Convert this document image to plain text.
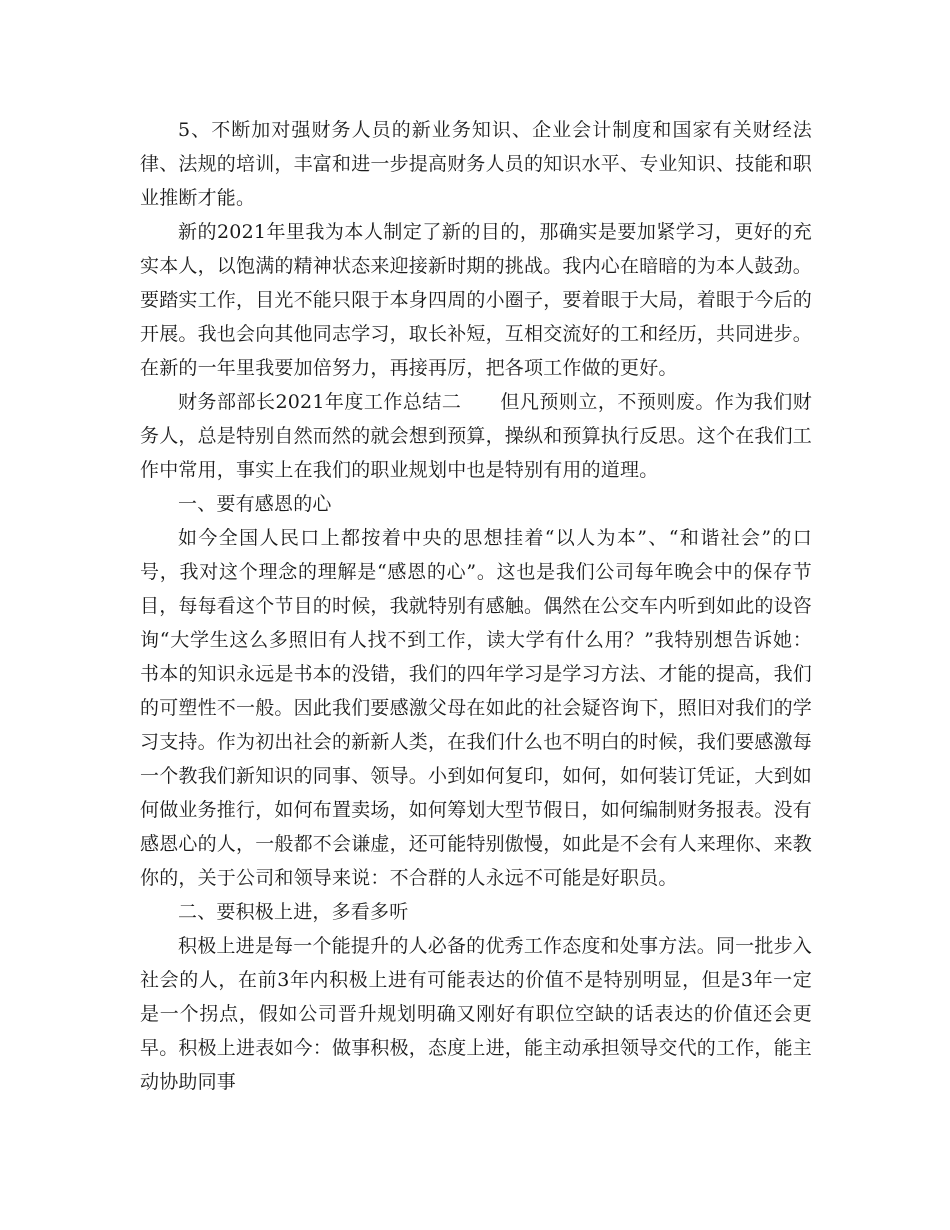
5、不断加对强财务人员的新业务知识、企业会计制度和国家有关财经法律、法规的培训，丰富和进一步提高财务人员的知识水平、专业知识、技能和职业推断才能。

新的2021年里我为本人制定了新的目的，那确实是要加紧学习，更好的充实本人，以饱满的精神状态来迎接新时期的挑战。我内心在暗暗的为本人鼓劲。要踏实工作，目光不能只限于本身四周的小圈子，要着眼于大局，着眼于今后的开展。我也会向其他同志学习，取长补短，互相交流好的工和经历，共同进步。在新的一年里我要加倍努力，再接再厉，把各项工作做的更好。

财务部部长2021年度工作总结二　　但凡预则立，不预则废。作为我们财务人，总是特别自然而然的就会想到预算，操纵和预算执行反思。这个在我们工作中常用，事实上在我们的职业规划中也是特别有用的道理。

一、要有感恩的心

如今全国人民口上都按着中央的思想挂着“以人为本”、“和谐社会”的口号，我对这个理念的理解是“感恩的心”。这也是我们公司每年晚会中的保存节目，每每看这个节目的时候，我就特别有感触。偶然在公交车内听到如此的设咨询“大学生这么多照旧有人找不到工作，读大学有什么用？”我特别想告诉她：书本的知识永远是书本的没错，我们的四年学习是学习方法、才能的提高，我们的可塑性不一般。因此我们要感激父母在如此的社会疑咨询下，照旧对我们的学习支持。作为初出社会的新新人类，在我们什么也不明白的时候，我们要感激每一个教我们新知识的同事、领导。小到如何复印，如何，如何装订凭证，大到如何做业务推行，如何布置卖场，如何筹划大型节假日，如何编制财务报表。没有感恩心的人，一般都不会谦虚，还可能特别傲慢，如此是不会有人来理你、来教你的，关于公司和领导来说：不合群的人永远不可能是好职员。

二、要积极上进，多看多听

积极上进是每一个能提升的人必备的优秀工作态度和处事方法。同一批步入社会的人，在前3年内积极上进有可能表达的价值不是特别明显，但是3年一定是一个拐点，假如公司晋升规划明确又刚好有职位空缺的话表达的价值还会更早。积极上进表如今：做事积极，态度上进，能主动承担领导交代的工作，能主动协助同事
